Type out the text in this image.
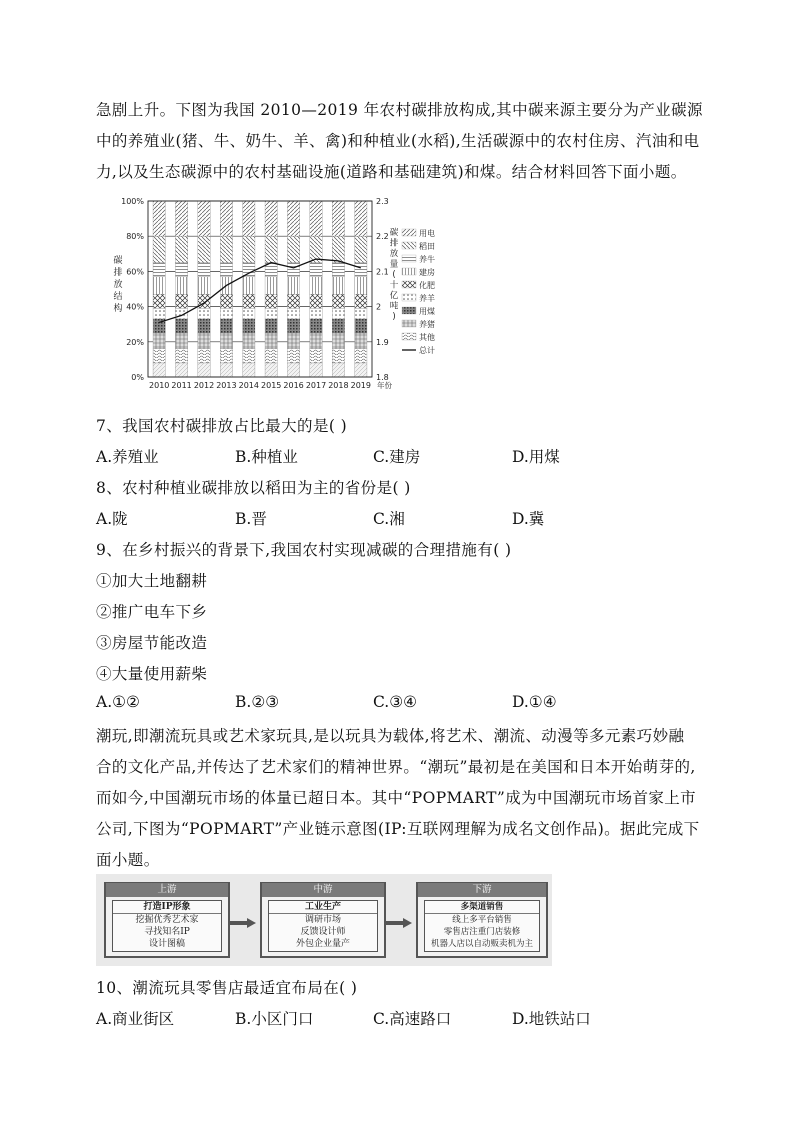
急剧上升。下图为我国 2010—2019 年农村碳排放构成,其中碳来源主要分为产业碳源
中的养殖业(猪、牛、奶牛、羊、禽)和种植业(水稻),生活碳源中的农村住房、汽油和电
力,以及生态碳源中的农村基础设施(道路和基础建筑)和煤。结合材料回答下面小题。
0%
20%
40%
60%
80%
100%
1.8
1.9
2
2.1
2.2
2.3
2010 2011 2012 2013 2014 2015 2016 2017 2018 2019 年份
碳
排
放
结
构
碳
排
放
量
(
十
亿
吨
)
用电
稻田
养牛
建房
化肥
养羊
用煤
养猪
其他
总计
7、我国农村碳排放占比最大的是( )
A.养殖业	B.种植业	C.建房	D.用煤
8、农村种植业碳排放以稻田为主的省份是( )
A.陇	B.晋	C.湘	D.冀
9、在乡村振兴的背景下,我国农村实现减碳的合理措施有( )
①加大土地翻耕
②推广电车下乡
③房屋节能改造
④大量使用薪柴
A.①②	B.②③	C.③④	D.①④
潮玩,即潮流玩具或艺术家玩具,是以玩具为载体,将艺术、潮流、动漫等多元素巧妙融
合的文化产品,并传达了艺术家们的精神世界。“潮玩”最初是在美国和日本开始萌芽的,
而如今,中国潮玩市场的体量已超日本。其中“POPMART”成为中国潮玩市场首家上市
公司,下图为“POPMART”产业链示意图(IP:互联网理解为成名文创作品)。据此完成下
面小题。
上游
打造IP形象
挖掘优秀艺术家
寻找知名IP
设计图稿
中游
工业生产
调研市场
反馈设计师
外包企业量产
下游
多渠道销售
线上多平台销售
零售店注重门店装修
机器人店以自动贩卖机为主
10、潮流玩具零售店最适宜布局在( )
A.商业街区	B.小区门口	C.高速路口	D.地铁站口
